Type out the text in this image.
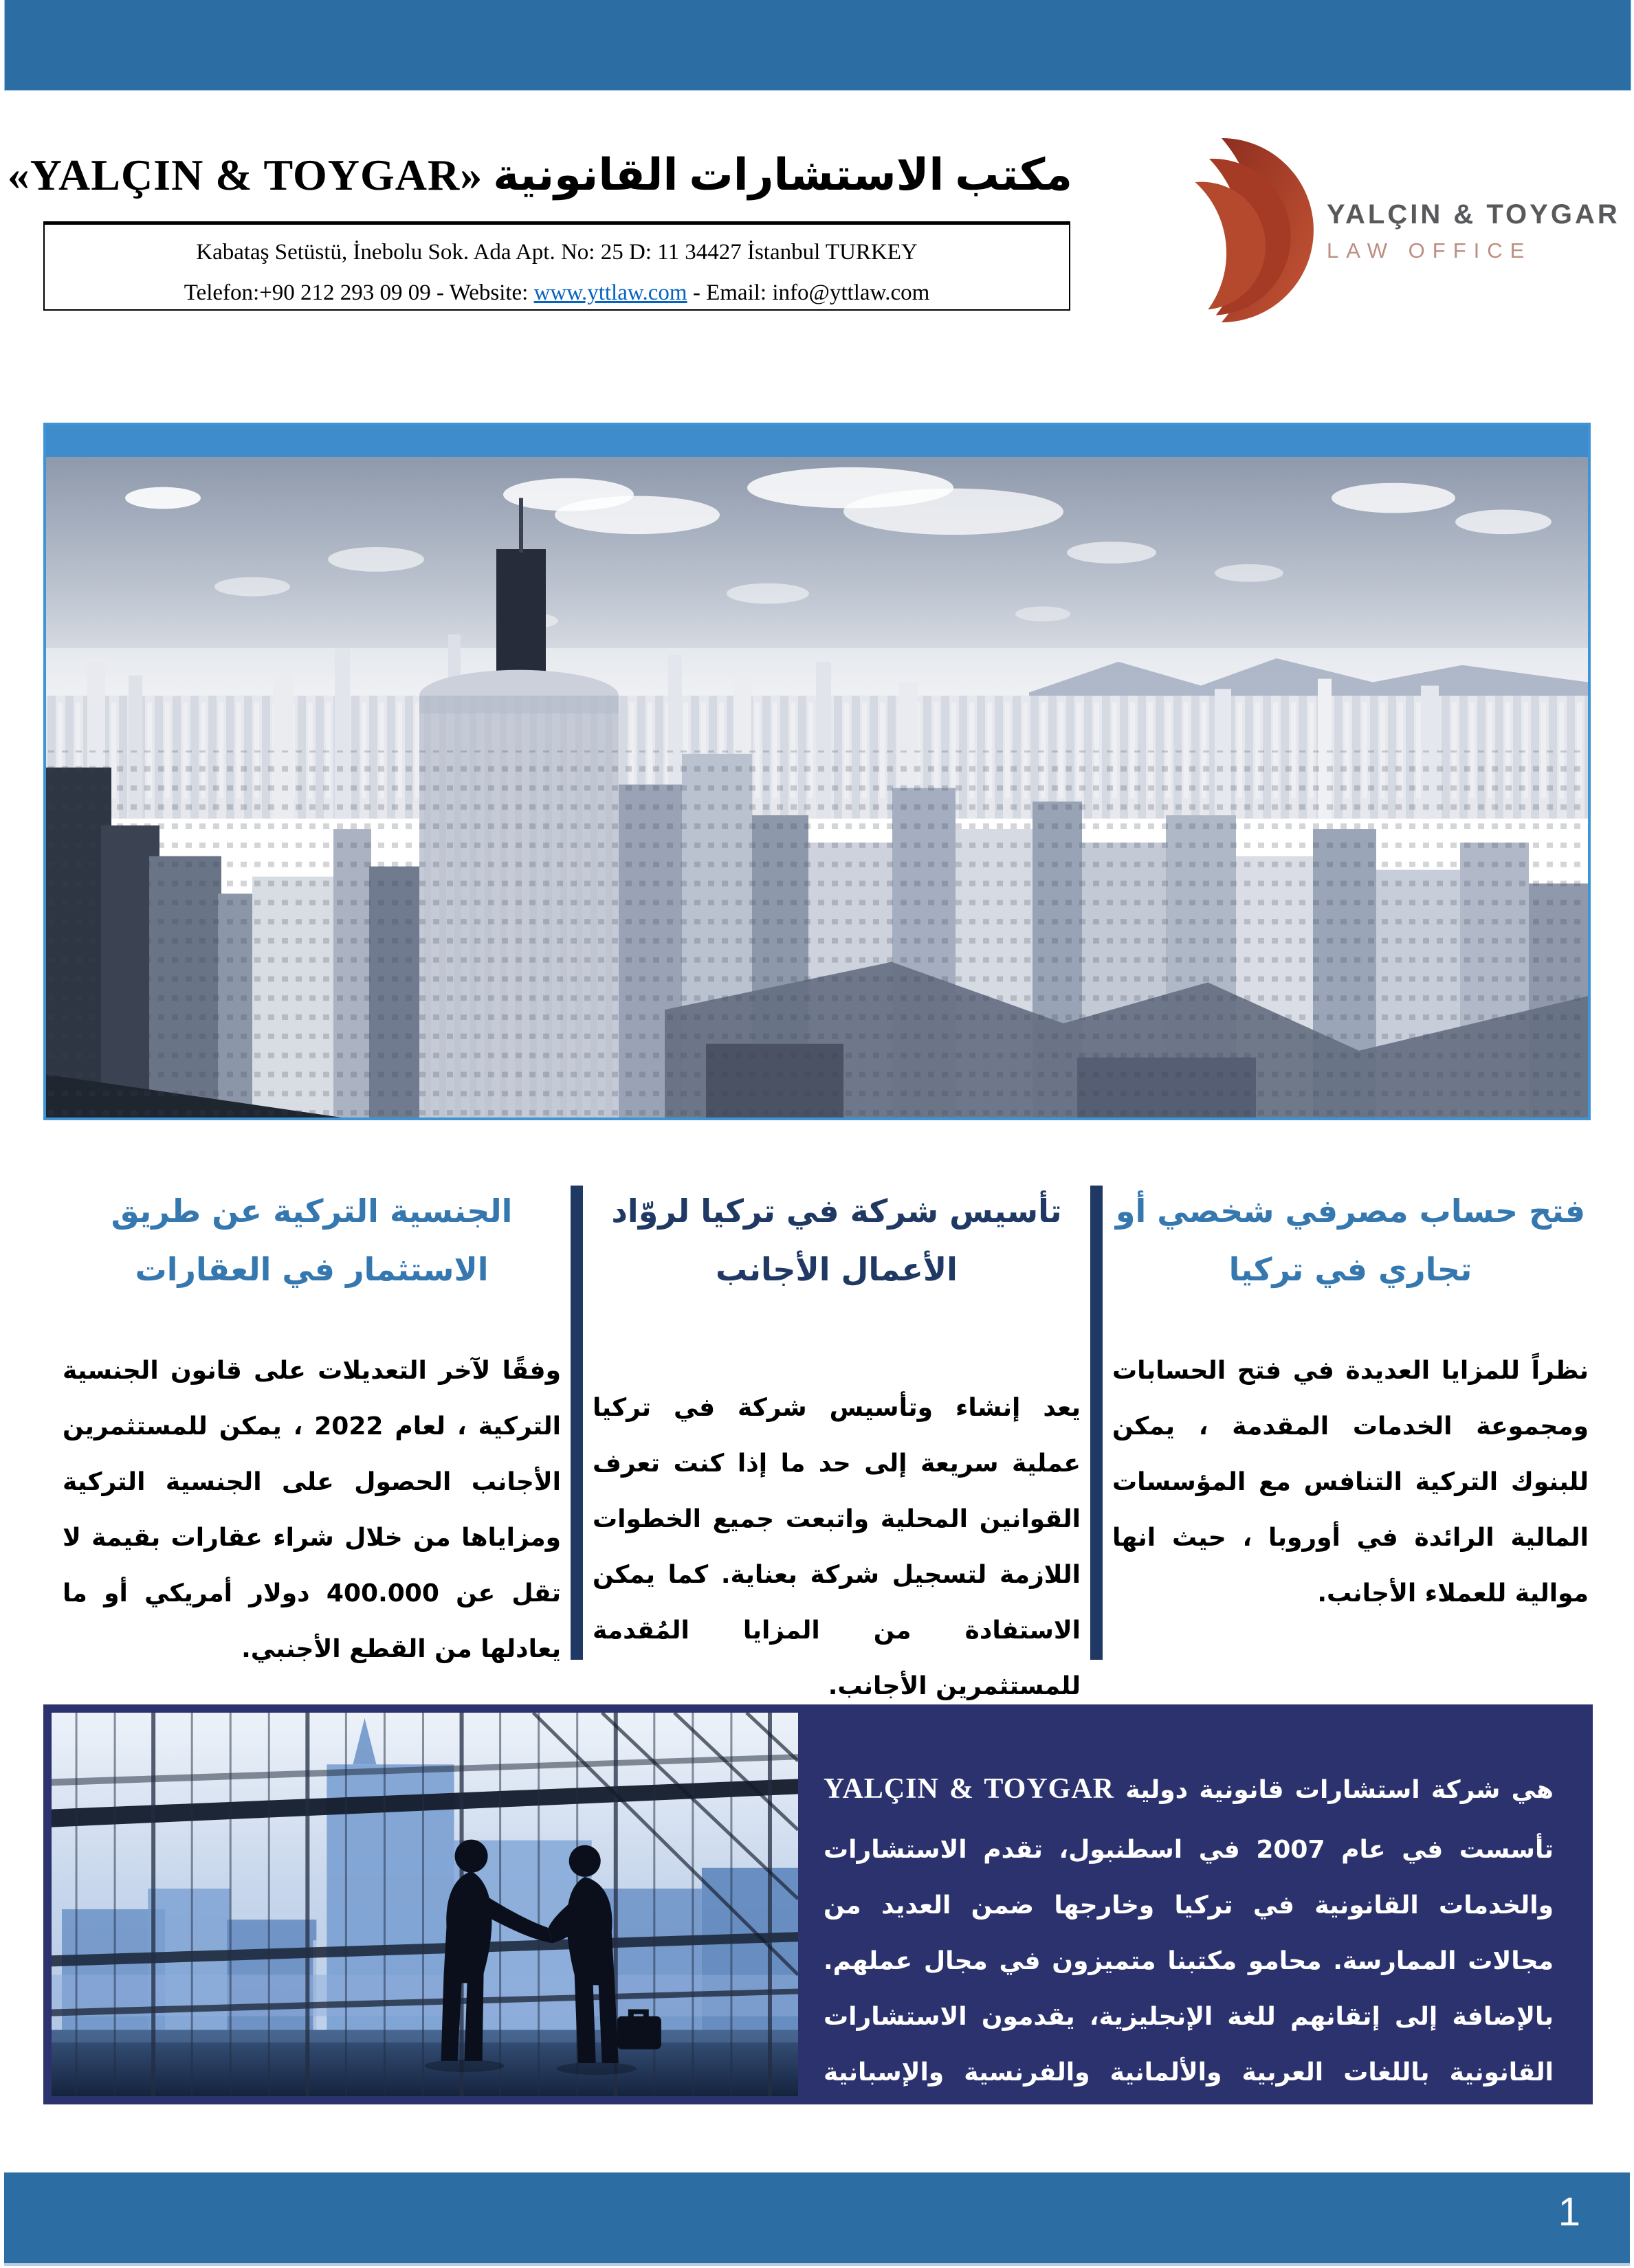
مكتب الاستشارات القانونية «YALÇIN & TOYGAR»
Kabataş Setüstü, İnebolu Sok. Ada Apt. No: 25 D: 11 34427 İstanbul TURKEY
Telefon:+90 212 293 09 09 - Website: www.yttlaw.com - Email: info@yttlaw.com
YALÇIN & TOYGAR
LAW OFFICE
فتح حساب مصرفي شخصي أو تجاري في تركيا
نظراً للمزايا العديدة في فتح الحسابات ومجموعة الخدمات المقدمة ، يمكن للبنوك التركية التنافس مع المؤسسات المالية الرائدة في أوروبا ، حيث انها موالية للعملاء الأجانب.
تأسيس شركة في تركيا لروّاد الأعمال الأجانب
يعد إنشاء وتأسيس شركة في تركيا عملية سريعة إلى حد ما إذا كنت تعرف القوانين المحلية واتبعت جميع الخطوات اللازمة لتسجيل شركة بعناية. كما يمكن الاستفادة من المزايا المُقدمة للمستثمرين الأجانب.
الجنسية التركية عن طريق الاستثمار في العقارات
وفقًا لآخر التعديلات على قانون الجنسية التركية ، لعام 2022 ، يمكن للمستثمرين الأجانب الحصول على الجنسية التركية ومزاياها من خلال شراء عقارات بقيمة لا تقل عن 400.000 دولار أمريكي أو ما يعادلها من القطع الأجنبي.

هي شركة استشارات قانونية دولية YALÇIN & TOYGAR تأسست في عام 2007 في اسطنبول، تقدم الاستشارات والخدمات القانونية في تركيا وخارجها ضمن العديد من مجالات الممارسة. محامو مكتبنا متميزون في مجال عملهم. بالإضافة إلى إتقانهم للغة الإنجليزية، يقدمون الاستشارات القانونية باللغات العربية والألمانية والفرنسية والإسبانية والروسية.

1
